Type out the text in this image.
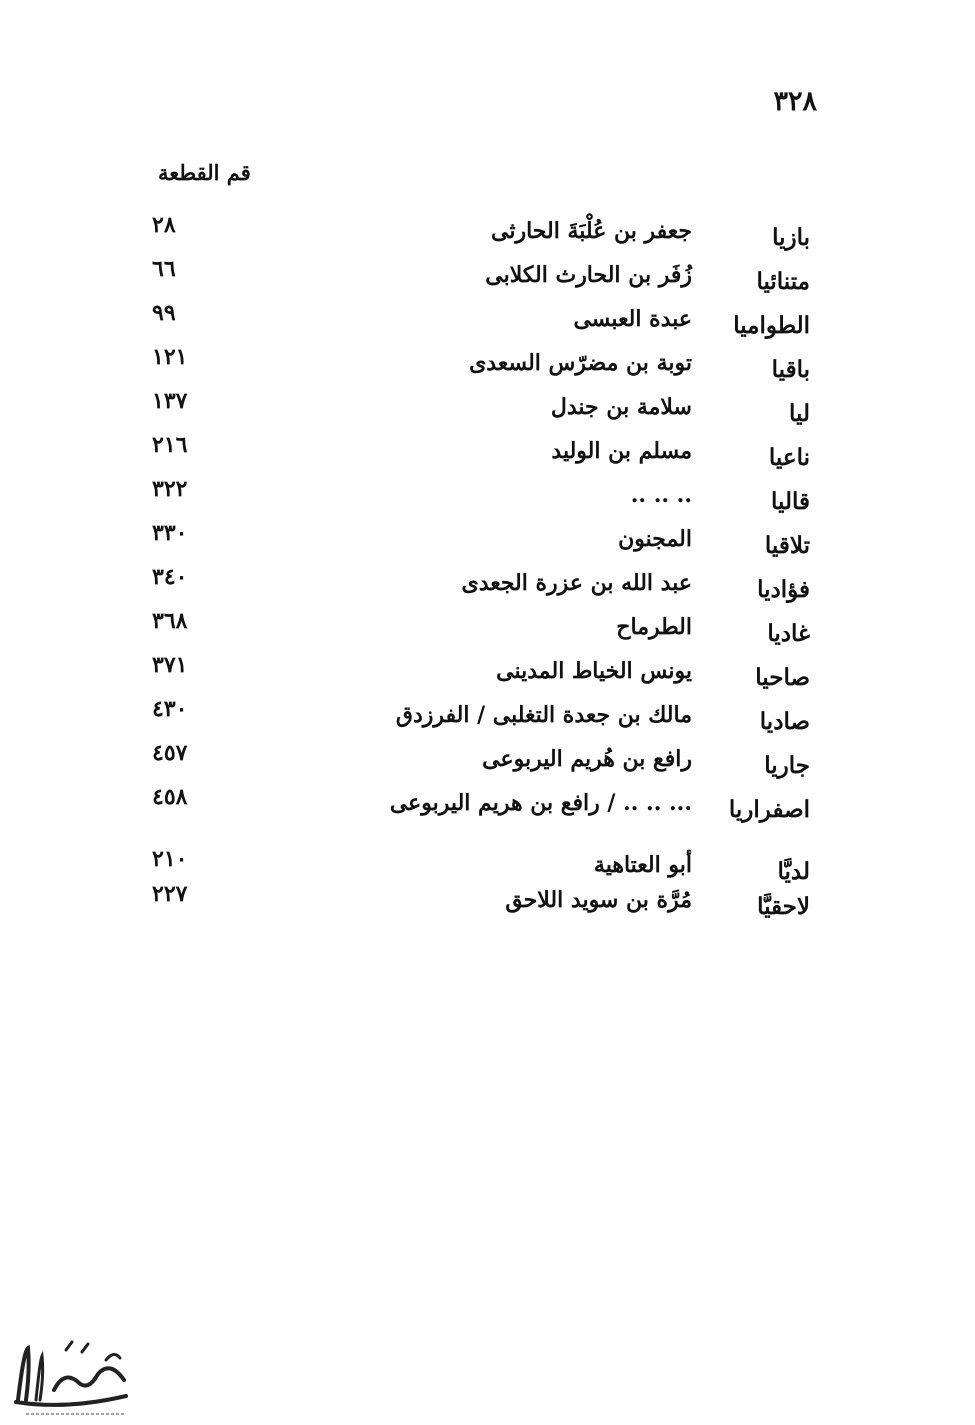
٣٢٨
قم القطعة
بازيا
جعفر بن عُلْبَةَ الحارثى
٢٨
متنائيا
زُفَر بن الحارث الكلابى
٦٦
الطواميا
عبدة العبسى
٩٩
باقيا
توبة بن مضرّس السعدى
١٢١
ليا
سلامة بن جندل
١٣٧
ناعيا
مسلم بن الوليد
٢١٦
قاليا
.. .. ..
٣٢٢
تلاقيا
المجنون
٣٣٠
فؤاديا
عبد الله بن عزرة الجعدى
٣٤٠
غاديا
الطرماح
٣٦٨
صاحيا
يونس الخياط المدينى
٣٧١
صاديا
مالك بن جعدة التغلبى / الفرزدق
٤٣٠
جاريا
رافع بن هُريم اليربوعى
٤٥٧
اصفراريا
... .. .. / رافع بن هريم اليربوعى
٤٥٨
لديَّا
أبو العتاهية
٢١٠
لاحقيَّا
مُرَّة بن سويد اللاحق
٢٢٧
